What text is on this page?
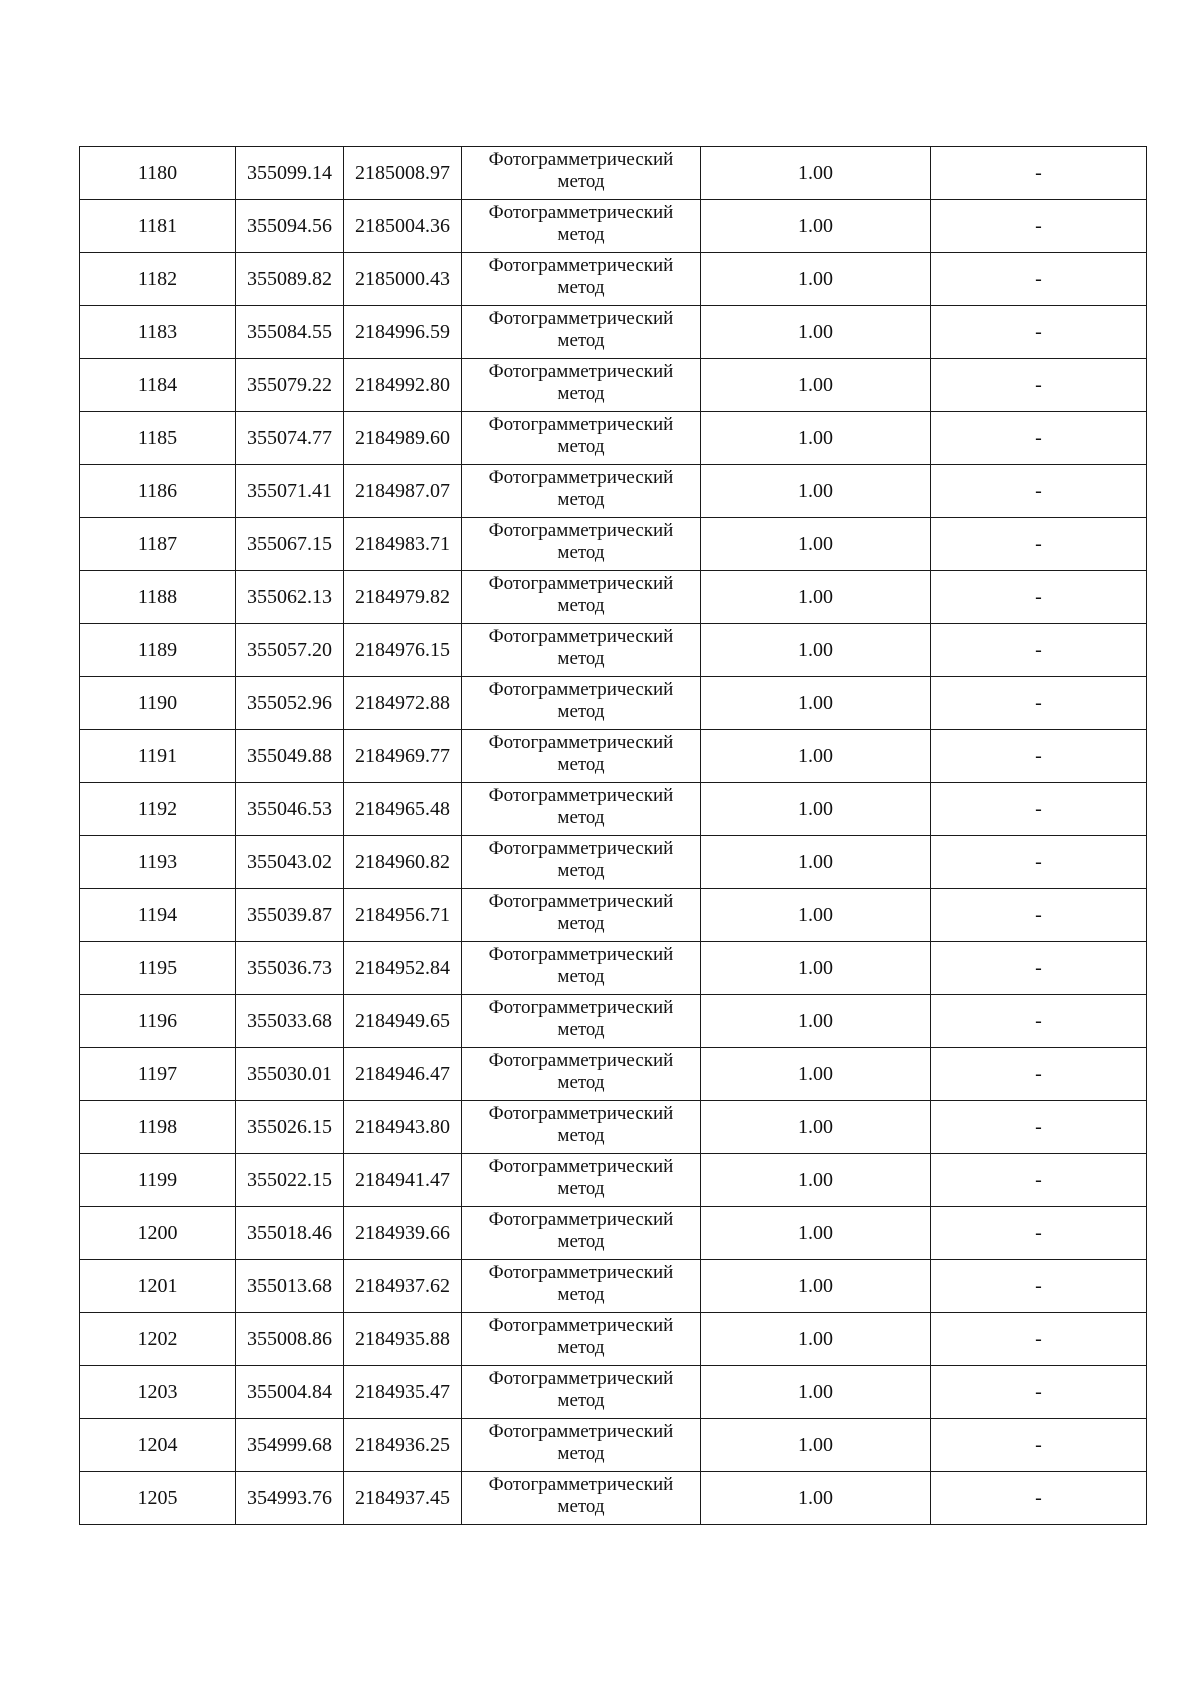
1180	355099.14	2185008.97	Фотограмметрический
метод	1.00	-
1181	355094.56	2185004.36	Фотограмметрический
метод	1.00	-
1182	355089.82	2185000.43	Фотограмметрический
метод	1.00	-
1183	355084.55	2184996.59	Фотограмметрический
метод	1.00	-
1184	355079.22	2184992.80	Фотограмметрический
метод	1.00	-
1185	355074.77	2184989.60	Фотограмметрический
метод	1.00	-
1186	355071.41	2184987.07	Фотограмметрический
метод	1.00	-
1187	355067.15	2184983.71	Фотограмметрический
метод	1.00	-
1188	355062.13	2184979.82	Фотограмметрический
метод	1.00	-
1189	355057.20	2184976.15	Фотограмметрический
метод	1.00	-
1190	355052.96	2184972.88	Фотограмметрический
метод	1.00	-
1191	355049.88	2184969.77	Фотограмметрический
метод	1.00	-
1192	355046.53	2184965.48	Фотограмметрический
метод	1.00	-
1193	355043.02	2184960.82	Фотограмметрический
метод	1.00	-
1194	355039.87	2184956.71	Фотограмметрический
метод	1.00	-
1195	355036.73	2184952.84	Фотограмметрический
метод	1.00	-
1196	355033.68	2184949.65	Фотограмметрический
метод	1.00	-
1197	355030.01	2184946.47	Фотограмметрический
метод	1.00	-
1198	355026.15	2184943.80	Фотограмметрический
метод	1.00	-
1199	355022.15	2184941.47	Фотограмметрический
метод	1.00	-
1200	355018.46	2184939.66	Фотограмметрический
метод	1.00	-
1201	355013.68	2184937.62	Фотограмметрический
метод	1.00	-
1202	355008.86	2184935.88	Фотограмметрический
метод	1.00	-
1203	355004.84	2184935.47	Фотограмметрический
метод	1.00	-
1204	354999.68	2184936.25	Фотограмметрический
метод	1.00	-
1205	354993.76	2184937.45	Фотограмметрический
метод	1.00	-
